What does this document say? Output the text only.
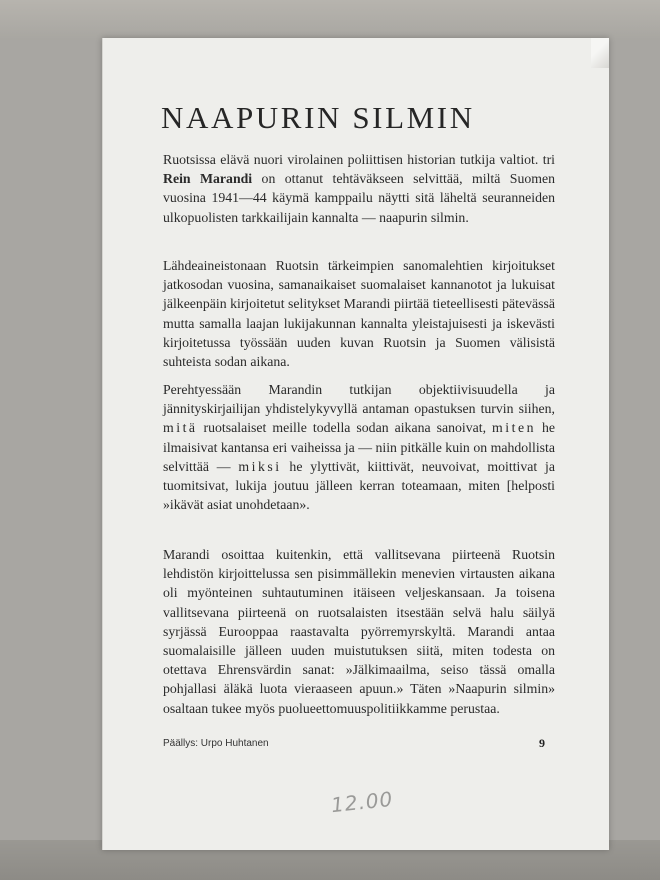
NAAPURIN SILMIN

Ruotsissa elävä nuori virolainen poliittisen historian tutkija valtiot. tri Rein Marandi on ottanut tehtäväkseen selvittää, miltä Suomen vuosina 1941—44 käymä kamppailu näytti sitä läheltä seuranneiden ulkopuolisten tarkkailijain kannalta — naapurin silmin.

Lähdeaineistonaan Ruotsin tärkeimpien sanomalehtien kirjoitukset jatkosodan vuosina, samanaikaiset suomalaiset kannanotot ja lukuisat jälkeenpäin kirjoitetut selitykset Marandi piirtää tieteellisesti pätevässä mutta samalla laajan lukijakunnan kannalta yleistajuisesti ja iskevästi kirjoitetussa työssään uuden kuvan Ruotsin ja Suomen välisistä suhteista sodan aikana.

Perehtyessään Marandin tutkijan objektiivisuudella ja jännityskirjailijan yhdistelykyvyllä antaman opastuksen turvin siihen, mitä ruotsalaiset meille todella sodan aikana sanoivat, miten he ilmaisivat kantansa eri vaiheissa ja — niin pitkälle kuin on mahdollista selvittää — miksi he ylyttivät, kiittivät, neuvoivat, moittivat ja tuomitsivat, lukija joutuu jälleen kerran toteamaan, miten [helposti »ikävät asiat unohdetaan».

Marandi osoittaa kuitenkin, että vallitsevana piirteenä Ruotsin lehdistön kirjoittelussa sen pisimmällekin menevien virtausten aikana oli myönteinen suhtautuminen itäiseen veljeskansaan. Ja toisena vallitsevana piirteenä on ruotsalaisten itsestään selvä halu säilyä syrjässä Eurooppaa raastavalta pyörremyrskyltä. Marandi antaa suomalaisille jälleen uuden muistutuksen siitä, miten todesta on otettava Ehrensvärdin sanat: »Jälkimaailma, seiso tässä omalla pohjallasi äläkä luota vieraaseen apuun.» Täten »Naapurin silmin» osaltaan tukee myös puolueettomuuspolitiikkamme perustaa.

Päällys: Urpo Huhtanen	9
12.00
